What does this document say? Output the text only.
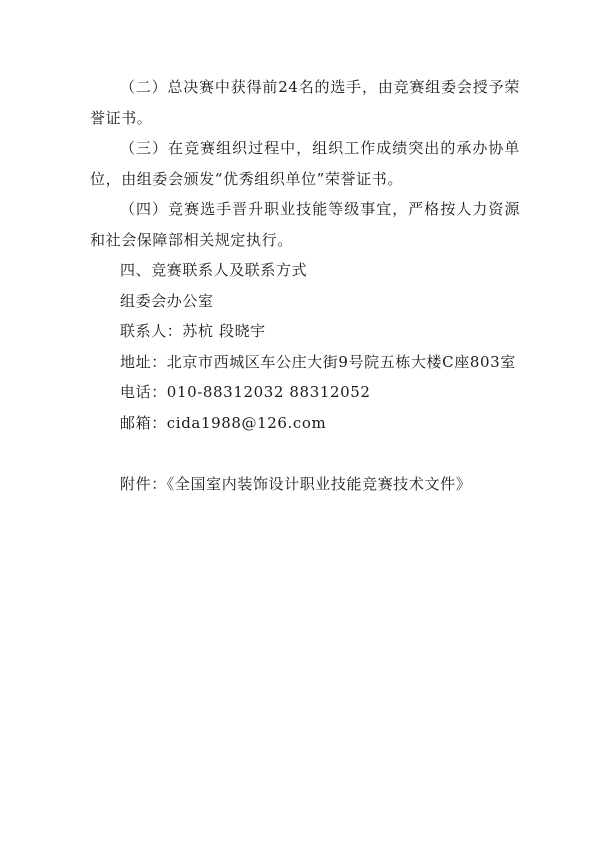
（二）总决赛中获得前24名的选手，由竞赛组委会授予荣誉证书。

（三）在竞赛组织过程中，组织工作成绩突出的承办协单位，由组委会颁发“优秀组织单位”荣誉证书。

（四）竞赛选手晋升职业技能等级事宜，严格按人力资源和社会保障部相关规定执行。

四、竞赛联系人及联系方式

组委会办公室

联系人：苏杭 段晓宇

地址：北京市西城区车公庄大街9号院五栋大楼C座803室

电话：010-88312032 88312052

邮箱：cida1988@126.com

附件：《全国室内装饰设计职业技能竞赛技术文件》
